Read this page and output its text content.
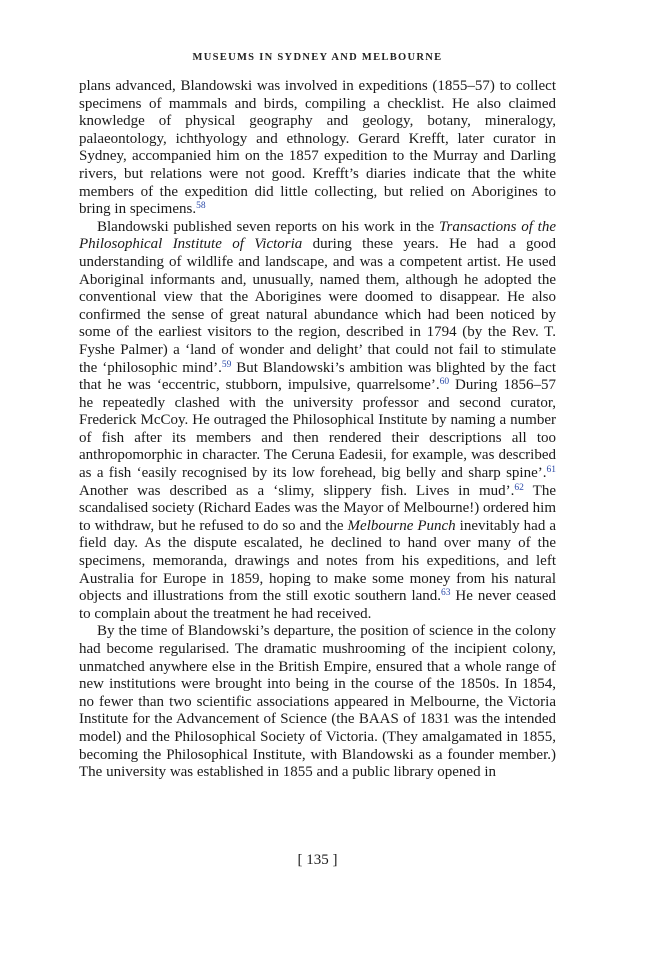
MUSEUMS IN SYDNEY AND MELBOURNE

plans advanced, Blandowski was involved in expeditions (1855–57) to collect specimens of mammals and birds, compiling a checklist. He also claimed knowledge of physical geography and geology, botany, mineralogy, palaeontology, ichthyology and ethnology. Gerard Krefft, later curator in Sydney, accompanied him on the 1857 expedition to the Murray and Darling rivers, but relations were not good. Krefft’s diaries indicate that the white members of the expedition did little collecting, but relied on Aborigines to bring in specimens.$^{58}$

Blandowski published seven reports on his work in the Transactions of the Philosophical Institute of Victoria during these years. He had a good understanding of wildlife and landscape, and was a competent artist. He used Aboriginal informants and, unusually, named them, although he adopted the conventional view that the Aborigines were doomed to disappear. He also confirmed the sense of great natural abundance which had been noticed by some of the earliest visitors to the region, described in 1794 (by the Rev. T. Fyshe Palmer) a ‘land of wonder and delight’ that could not fail to stimulate the ‘philosophic mind’.$^{59}$ But Blandowski’s ambition was blighted by the fact that he was ‘eccentric, stubborn, impulsive, quarrelsome’.$^{60}$ During 1856–57 he repeatedly clashed with the university professor and second curator, Frederick McCoy. He outraged the Philosophical Institute by naming a number of fish after its members and then rendered their descriptions all too anthropomorphic in character. The Ceruna Eadesii, for example, was described as a fish ‘easily recognised by its low forehead, big belly and sharp spine’.$^{61}$ Another was described as a ‘slimy, slippery fish. Lives in mud’.$^{62}$ The scandalised society (Richard Eades was the Mayor of Melbourne!) ordered him to withdraw, but he refused to do so and the Melbourne Punch inevitably had a field day. As the dispute escalated, he declined to hand over many of the specimens, memoranda, drawings and notes from his expeditions, and left Australia for Europe in 1859, hoping to make some money from his natural objects and illustrations from the still exotic southern land.$^{63}$ He never ceased to complain about the treatment he had received.

By the time of Blandowski’s departure, the position of science in the colony had become regularised. The dramatic mushrooming of the incipient colony, unmatched anywhere else in the British Empire, ensured that a whole range of new institutions were brought into being in the course of the 1850s. In 1854, no fewer than two scientific associations appeared in Melbourne, the Victoria Institute for the Advancement of Science (the BAAS of 1831 was the intended model) and the Philosophical Society of Victoria. (They amalgamated in 1855, becoming the Philosophical Institute, with Blandowski as a founder member.) The university was established in 1855 and a public library opened in

[ 135 ]
